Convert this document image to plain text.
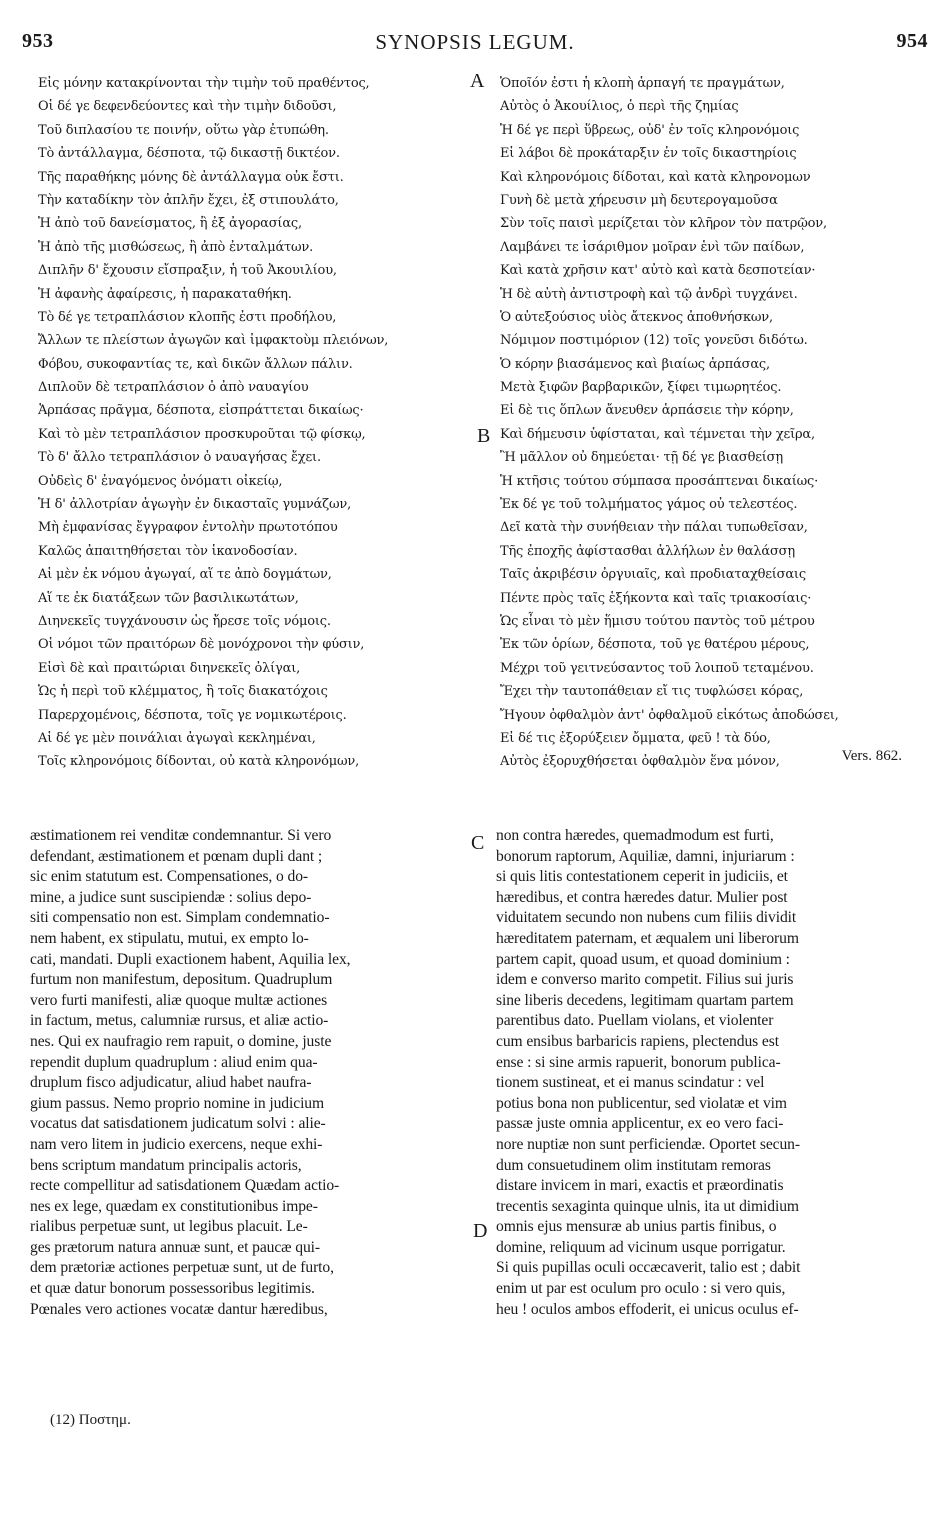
953	SYNOPSIS LEGUM.	954
A
B
C
D
Εἰς μόνην κατακρίνονται τὴν τιμὴν τοῦ πραθέντος,
Οἱ δέ γε δεφενδεύοντες καὶ τὴν τιμὴν διδοῦσι,
Τοῦ διπλασίου τε ποινήν, οὕτω γὰρ ἐτυπώθη.
Τὸ ἀντάλλαγμα, δέσποτα, τῷ δικαστῇ δικτέον.
Τῆς παραθήκης μόνης δὲ ἀντάλλαγμα οὐκ ἔστι.
Τὴν καταδίκην τὸν ἀπλῆν ἔχει, ἐξ στιπουλάτο,
Ἡ ἀπὸ τοῦ δανείσματος, ἢ ἐξ ἀγορασίας,
Ἡ ἀπὸ τῆς μισθώσεως, ἢ ἀπὸ ἐνταλμάτων.
Διπλῆν δ' ἔχουσιν εἴσπραξιν, ἡ τοῦ Ἀκουιλίου,
Ἡ ἀφανὴς ἀφαίρεσις, ἡ παρακαταθήκη.
Τὸ δέ γε τετραπλάσιον κλοπῆς ἐστι προδήλου,
Ἄλλων τε πλείστων ἀγωγῶν καὶ ἰμφακτοὺμ πλειόνων,
Φόβου, συκοφαντίας τε, καὶ δικῶν ἄλλων πάλιν.
Διπλοῦν δὲ τετραπλάσιον ὁ ἀπὸ ναυαγίου
Ἁρπάσας πρᾶγμα, δέσποτα, εἰσπράττεται δικαίως·
Καὶ τὸ μὲν τετραπλάσιον προσκυροῦται τῷ φίσκῳ,
Τὸ δ' ἄλλο τετραπλάσιον ὁ ναυαγήσας ἔχει.
Οὐδεὶς δ' ἐναγόμενος ὀνόματι οἰκείῳ,
Ἡ δ' ἀλλοτρίαν ἀγωγὴν ἐν δικασταῖς γυμνάζων,
Μὴ ἐμφανίσας ἔγγραφον ἐντολὴν πρωτοτόπου
Καλῶς ἀπαιτηθήσεται τὸν ἱκανοδοσίαν.
Αἱ μὲν ἐκ νόμου ἀγωγαί, αἵ τε ἀπὸ δογμάτων,
Αἵ τε ἐκ διατάξεων τῶν βασιλικωτάτων,
Διηνεκεῖς τυγχάνουσιν ὡς ἤρεσε τοῖς νόμοις.
Οἱ νόμοι τῶν πραιτόρων δὲ μονόχρονοι τὴν φύσιν,
Εἰσὶ δὲ καὶ πραιτώριαι διηνεκεῖς ὀλίγαι,
Ὡς ἡ περὶ τοῦ κλέμματος, ἢ τοῖς διακατόχοις
Παρερχομένοις, δέσποτα, τοῖς γε νομικωτέροις.
Αἱ δέ γε μὲν ποινάλιαι ἀγωγαὶ κεκλημέναι,
Τοῖς κληρονόμοις δίδονται, οὐ κατὰ κληρονόμων,
Ὁποῖόν ἐστι ἡ κλοπὴ ἁρπαγή τε πραγμάτων,
Αὐτὸς ὁ Ἀκουίλιος, ὁ περὶ τῆς ζημίας
Ἡ δέ γε περὶ ὕβρεως, οὐδ' ἐν τοῖς κληρονόμοις
Εἰ λάβοι δὲ προκάταρξιν ἐν τοῖς δικαστηρίοις
Καὶ κληρονόμοις δίδοται, καὶ κατὰ κληρονομων
Γυνὴ δὲ μετὰ χήρευσιν μὴ δευτερογαμοῦσα
Σὺν τοῖς παισὶ μερίζεται τὸν κλῆρον τὸν πατρῷον,
Λαμβάνει τε ἰσάριθμον μοῖραν ἑνὶ τῶν παίδων,
Καὶ κατὰ χρῆσιν κατ' αὐτὸ καὶ κατὰ δεσποτείαν·
Ἡ δὲ αὐτὴ ἀντιστροφὴ καὶ τῷ ἀνδρὶ τυγχάνει.
Ὁ αὐτεξούσιος υἱὸς ἄτεκνος ἀποθνήσκων,
Νόμιμον ποστιμόριον (12) τοῖς γονεῦσι διδότω.
Ὁ κόρην βιασάμενος καὶ βιαίως ἁρπάσας,
Μετὰ ξιφῶν βαρβαρικῶν, ξίφει τιμωρητέος.
Εἰ δὲ τις ὅπλων ἄνευθεν ἁρπάσειε τὴν κόρην,
Καὶ δήμευσιν ὑφίσταται, καὶ τέμνεται τὴν χεῖρα,
Ἢ μᾶλλον οὐ δημεύεται· τῇ δέ γε βιασθείσῃ
Ἡ κτῆσις τούτου σύμπασα προσάπτεναι δικαίως·
Ἐκ δέ γε τοῦ τολμήματος γάμος οὐ τελεστέος.
Δεῖ κατὰ τὴν συνήθειαν τὴν πάλαι τυπωθεῖσαν,
Τῆς ἐποχῆς ἀφίστασθαι ἀλλήλων ἐν θαλάσσῃ
Ταῖς ἀκριβέσιν ὀργυιαῖς, καὶ προδιαταχθείσαις
Πέντε πρὸς ταῖς ἑξήκοντα καὶ ταῖς τριακοσίαις·
Ὡς εἶναι τὸ μὲν ἥμισυ τούτου παντὸς τοῦ μέτρου
Ἐκ τῶν ὁρίων, δέσποτα, τοῦ γε θατέρου μέρους,
Μέχρι τοῦ γειτνεύσαντος τοῦ λοιποῦ τεταμένου.
Ἔχει τὴν ταυτοπάθειαν εἴ τις τυφλώσει κόρας,
Ἤγουν ὀφθαλμὸν ἀντ' ὀφθαλμοῦ εἰκότως ἀποδώσει,
Εἰ δέ τις ἐξορύξειεν ὄμματα, φεῦ ! τὰ δύο,
Αὐτὸς ἐξορυχθήσεται ὀφθαλμὸν ἕνα μόνον,	Vers. 862.
æstimationem rei venditæ condemnantur. Si vero
defendant, æstimationem et pœnam dupli dant ;
sic enim statutum est. Compensationes, o do-
mine, a judice sunt suscipiendæ : solius depo-
siti compensatio non est. Simplam condemnatio-
nem habent, ex stipulatu, mutui, ex empto lo-
cati, mandati. Dupli exactionem habent, Aquilia lex,
furtum non manifestum, depositum. Quadruplum
vero furti manifesti, aliæ quoque multæ actiones
in factum, metus, calumniæ rursus, et aliæ actio-
nes. Qui ex naufragio rem rapuit, o domine, juste
rependit duplum quadruplum : aliud enim qua-
druplum fisco adjudicatur, aliud habet naufra-
gium passus. Nemo proprio nomine in judicium
vocatus dat satisdationem judicatum solvi : alie-
nam vero litem in judicio exercens, neque exhi-
bens scriptum mandatum principalis actoris,
recte compellitur ad satisdationem Quædam actio-
nes ex lege, quædam ex constitutionibus impe-
rialibus perpetuæ sunt, ut legibus placuit. Le-
ges prætorum natura annuæ sunt, et paucæ qui-
dem prætoriæ actiones perpetuæ sunt, ut de furto,
et quæ datur bonorum possessoribus legitimis.
Pœnales vero actiones vocatæ dantur hæredibus,
non contra hæredes, quemadmodum est furti,
bonorum raptorum, Aquiliæ, damni, injuriarum :
si quis litis contestationem ceperit in judiciis, et
hæredibus, et contra hæredes datur. Mulier post
viduitatem secundo non nubens cum filiis dividit
hæreditatem paternam, et æqualem uni liberorum
partem capit, quoad usum, et quoad dominium :
idem e converso marito competit. Filius sui juris
sine liberis decedens, legitimam quartam partem
parentibus dato. Puellam violans, et violenter
cum ensibus barbaricis rapiens, plectendus est
ense : si sine armis rapuerit, bonorum publica-
tionem sustineat, et ei manus scindatur : vel
potius bona non publicentur, sed violatæ et vim
passæ juste omnia applicentur, ex eo vero faci-
nore nuptiæ non sunt perficiendæ. Oportet secun-
dum consuetudinem olim institutam remoras
distare invicem in mari, exactis et præordinatis
trecentis sexaginta quinque ulnis, ita ut dimidium
omnis ejus mensuræ ab unius partis finibus, o
domine, reliquum ad vicinum usque porrigatur.
Si quis pupillas oculi occæcaverit, talio est ; dabit
enim ut par est oculum pro oculo : si vero quis,
heu ! oculos ambos effoderit, ei unicus oculus ef-
(12) Ποστημ.
